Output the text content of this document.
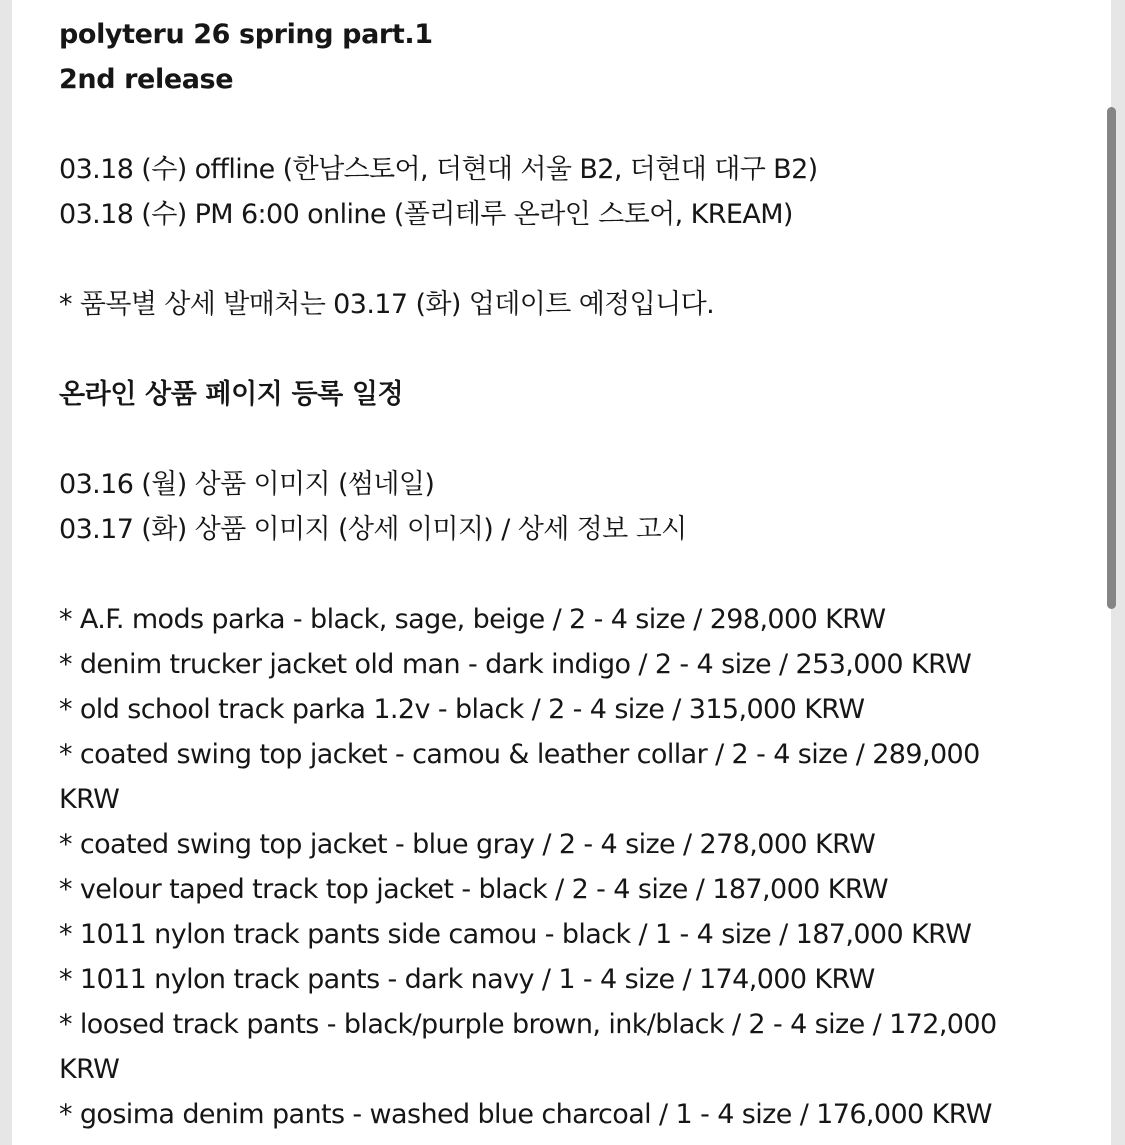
polyteru 26 spring part.1
2nd release
03.18 (수) offline (한남스토어, 더현대 서울 B2, 더현대 대구 B2)
03.18 (수) PM 6:00 online (폴리테루 온라인 스토어, KREAM)
* 품목별 상세 발매처는 03.17 (화) 업데이트 예정입니다.
온라인 상품 페이지 등록 일정
03.16 (월) 상품 이미지 (썸네일)
03.17 (화) 상품 이미지 (상세 이미지) / 상세 정보 고시
* A.F. mods parka - black, sage, beige / 2 - 4 size / 298,000 KRW
* denim trucker jacket old man - dark indigo / 2 - 4 size / 253,000 KRW
* old school track parka 1.2v - black / 2 - 4 size / 315,000 KRW
* coated swing top jacket - camou & leather collar / 2 - 4 size / 289,000
KRW
* coated swing top jacket - blue gray / 2 - 4 size / 278,000 KRW
* velour taped track top jacket - black / 2 - 4 size / 187,000 KRW
* 1011 nylon track pants side camou - black / 1 - 4 size / 187,000 KRW
* 1011 nylon track pants - dark navy / 1 - 4 size / 174,000 KRW
* loosed track pants - black/purple brown, ink/black / 2 - 4 size / 172,000
KRW
* gosima denim pants - washed blue charcoal / 1 - 4 size / 176,000 KRW
